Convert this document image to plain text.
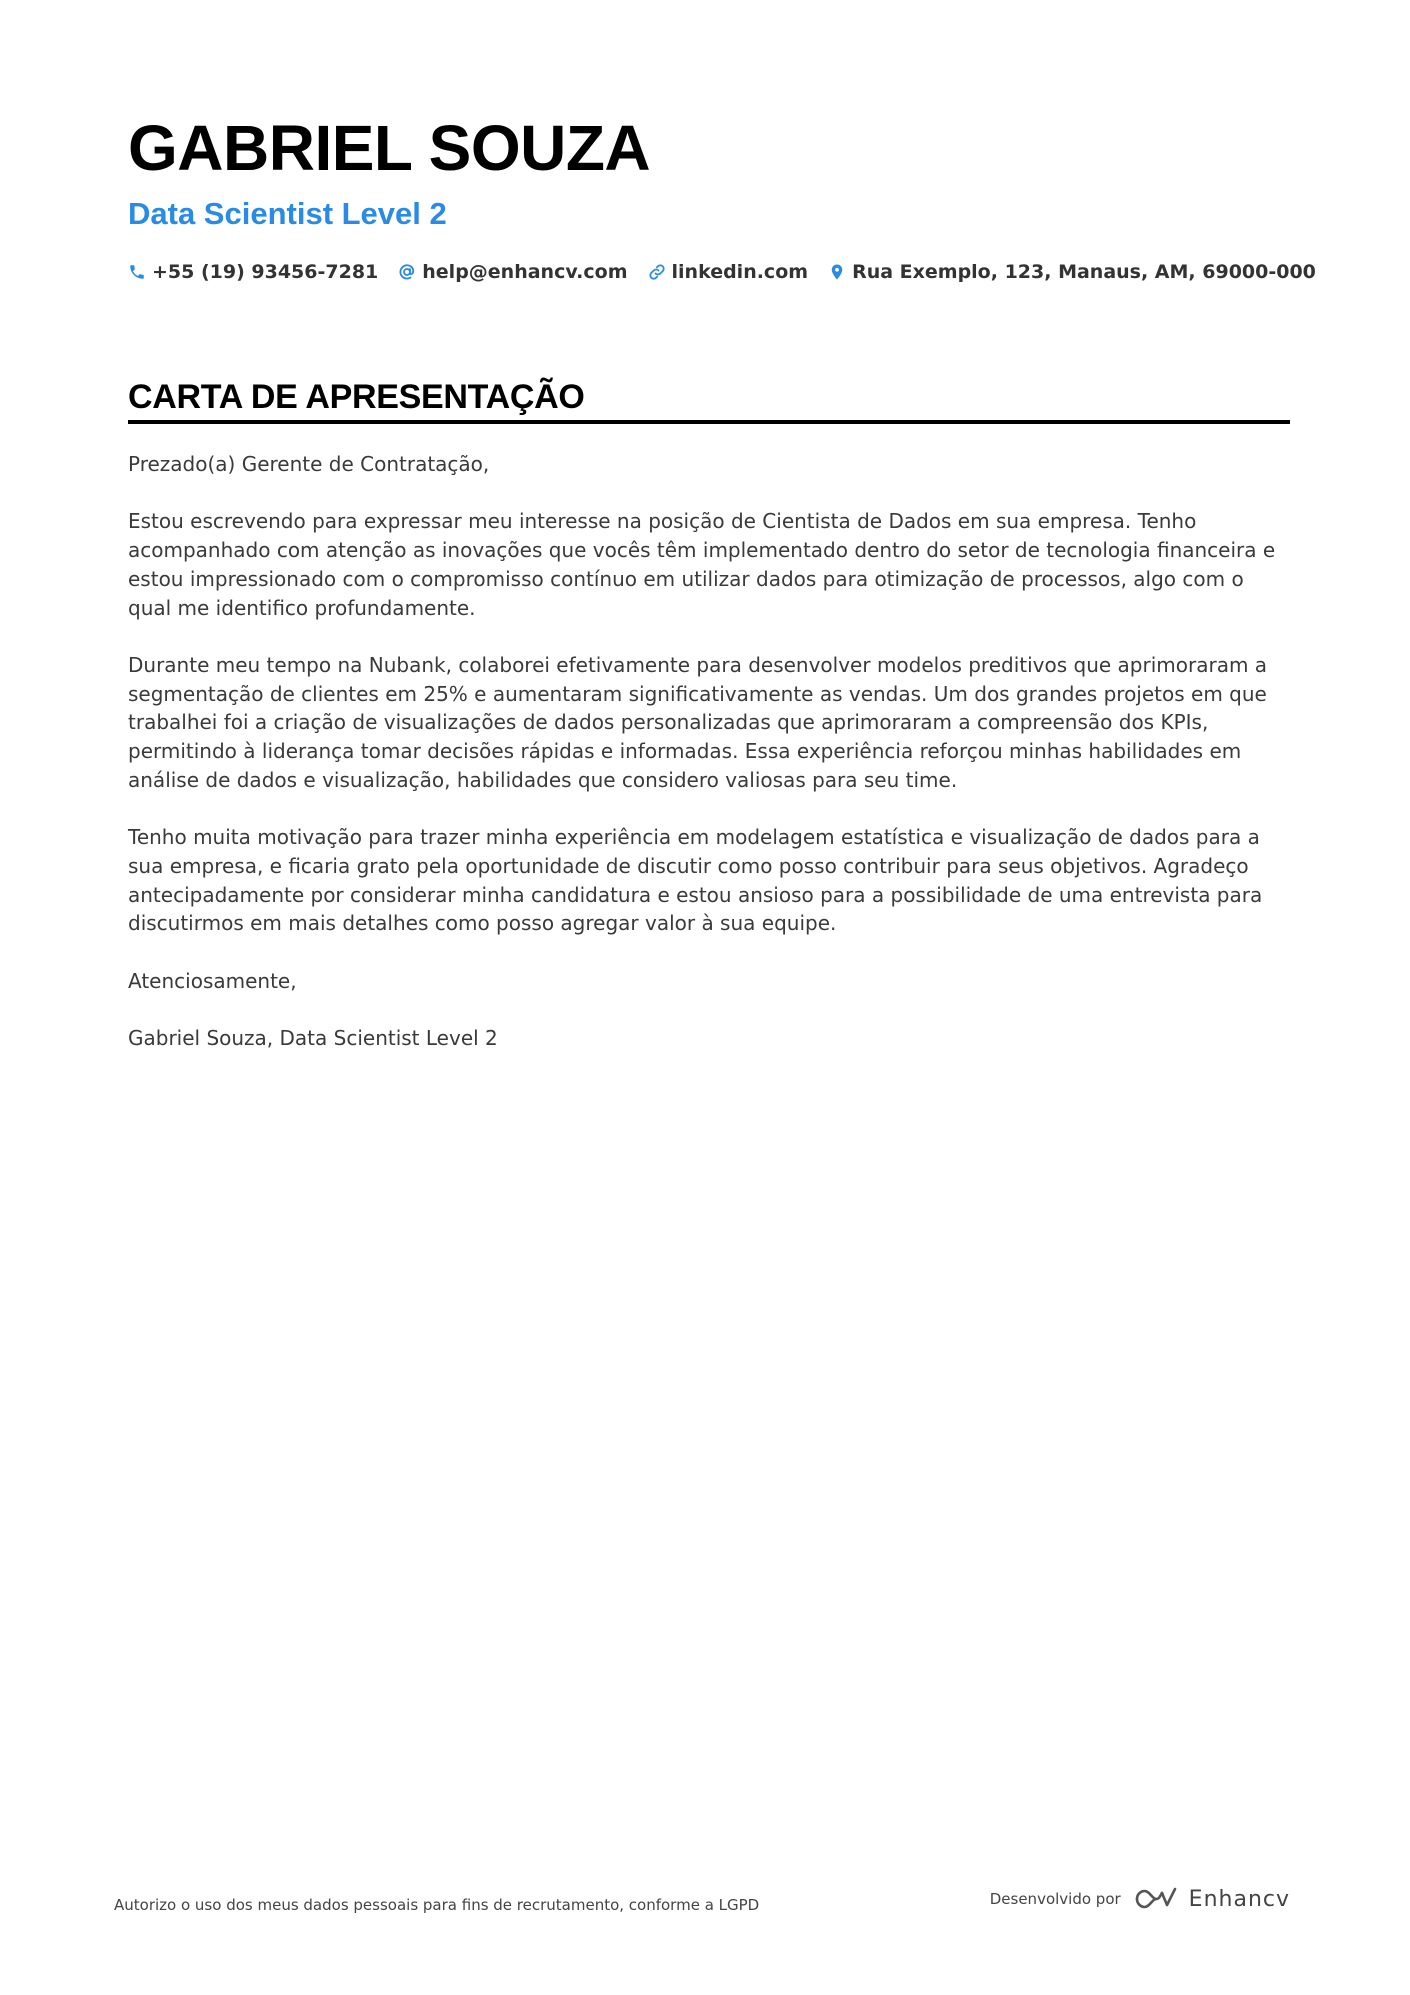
GABRIEL SOUZA
Data Scientist Level 2
+55 (19) 93456-7281 help@enhancv.com linkedin.com Rua Exemplo, 123, Manaus, AM, 69000-000
CARTA DE APRESENTAÇÃO

Prezado(a) Gerente de Contratação,

Estou escrevendo para expressar meu interesse na posição de Cientista de Dados em sua empresa. Tenho acompanhado com atenção as inovações que vocês têm implementado dentro do setor de tecnologia financeira e estou impressionado com o compromisso contínuo em utilizar dados para otimização de processos, algo com o qual me identifico profundamente.

Durante meu tempo na Nubank, colaborei efetivamente para desenvolver modelos preditivos que aprimoraram a segmentação de clientes em 25% e aumentaram significativamente as vendas. Um dos grandes projetos em que trabalhei foi a criação de visualizações de dados personalizadas que aprimoraram a compreensão dos KPIs, permitindo à liderança tomar decisões rápidas e informadas. Essa experiência reforçou minhas habilidades em análise de dados e visualização, habilidades que considero valiosas para seu time.

Tenho muita motivação para trazer minha experiência em modelagem estatística e visualização de dados para a sua empresa, e ficaria grato pela oportunidade de discutir como posso contribuir para seus objetivos. Agradeço antecipadamente por considerar minha candidatura e estou ansioso para a possibilidade de uma entrevista para discutirmos em mais detalhes como posso agregar valor à sua equipe.

Atenciosamente,

Gabriel Souza, Data Scientist Level 2

Autorizo o uso dos meus dados pessoais para fins de recrutamento, conforme a LGPD	Desenvolvido por	Enhancv
